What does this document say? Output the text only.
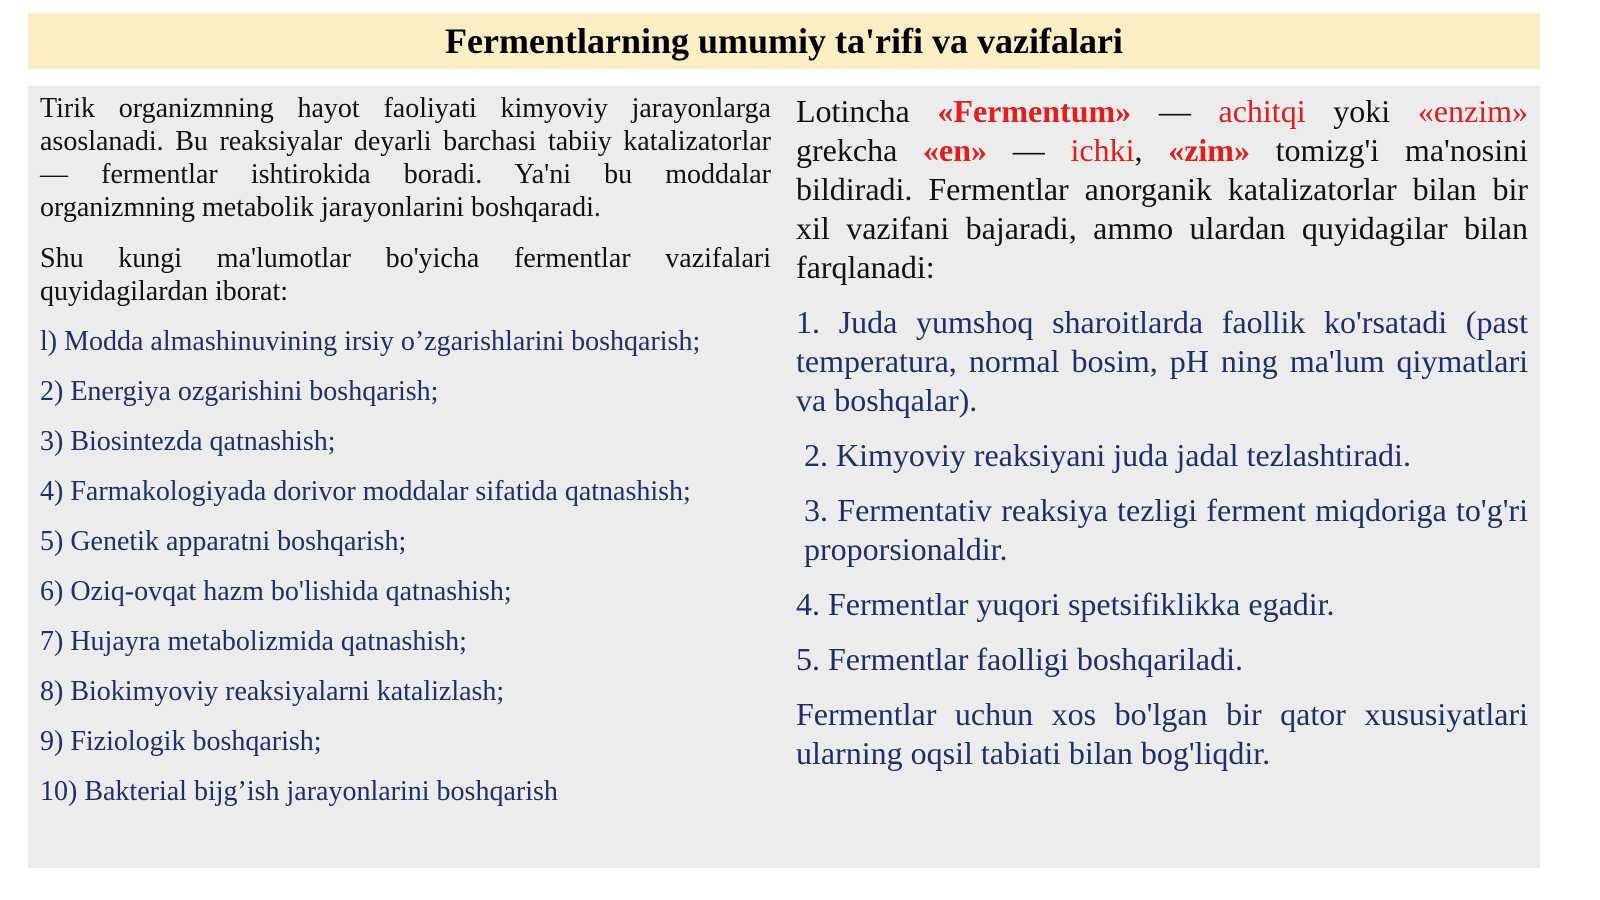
Fermentlarning umumiy ta'rifi va vazifalari

Tirik organizmning hayot faoliyati kimyoviy jarayonlarga asoslanadi. Bu reaksiyalar deyarli barchasi tabiiy katalizatorlar — fermentlar ishtirokida boradi. Ya'ni bu moddalar organizmning metabolik jarayonlarini boshqaradi.

Shu kungi ma'lumotlar bo'yicha fermentlar vazifalari quyidagilardan iborat:

l) Modda almashinuvining irsiy o’zgarishlarini boshqarish;
2) Energiya ozgarishini boshqarish;
3) Biosintezda qatnashish;
4) Farmakologiyada dorivor moddalar sifatida qatnashish;
5) Genetik apparatni boshqarish;
6) Oziq-ovqat hazm bo'lishida qatnashish;
7) Hujayra metabolizmida qatnashish;
8) Biokimyoviy reaksiyalarni katalizlash;
9) Fiziologik boshqarish;
10) Bakterial bijg’ish jarayonlarini boshqarish

Lotincha «Fermentum» — achitqi yoki «enzim» grekcha «en» — ichki, «zim» tomizg'i ma'nosini bildiradi. Fermentlar anorganik katalizatorlar bilan bir xil vazifani bajaradi, ammo ulardan quyidagilar bilan farqlanadi:

1. Juda yumshoq sharoitlarda faollik ko'rsatadi (past temperatura, normal bosim, pH ning ma'lum qiymatlari va boshqalar).
2. Kimyoviy reaksiyani juda jadal tezlashtiradi.
3. Fermentativ reaksiya tezligi ferment miqdoriga to'g'ri proporsionaldir.
4. Fermentlar yuqori spetsifiklikka egadir.
5. Fermentlar faolligi boshqariladi.

Fermentlar uchun xos bo'lgan bir qator xususiyatlari ularning oqsil tabiati bilan bog'liqdir.
